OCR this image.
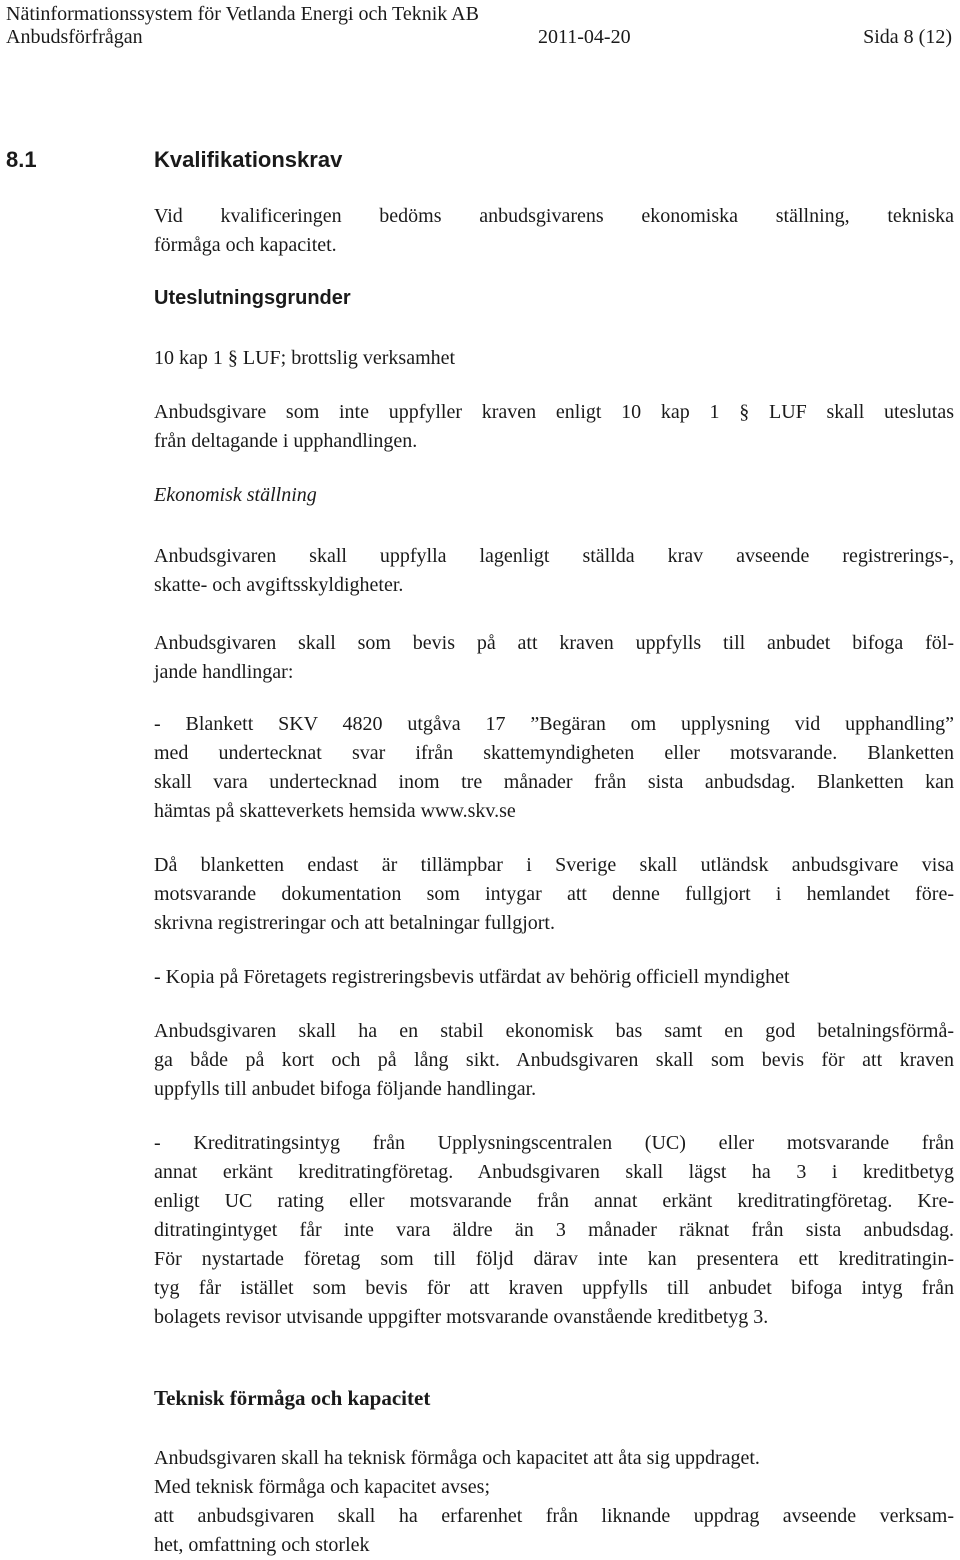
Nätinformationssystem för Vetlanda Energi och Teknik AB
Anbudsförfrågan	2011-04-20	Sida 8 (12)
8.1	Kvalifikationskrav
Vid kvalificeringen bedöms anbudsgivarens ekonomiska ställning, tekniska
förmåga och kapacitet.
Uteslutningsgrunder
10 kap 1 § LUF; brottslig verksamhet
Anbudsgivare som inte uppfyller kraven enligt 10 kap 1 § LUF skall uteslutas
från deltagande i upphandlingen.
Ekonomisk ställning
Anbudsgivaren skall uppfylla lagenligt ställda krav avseende registrerings-,
skatte- och avgiftsskyldigheter.
Anbudsgivaren skall som bevis på att kraven uppfylls till anbudet bifoga föl-
jande handlingar:
- Blankett SKV 4820 utgåva 17 ”Begäran om upplysning vid upphandling”
med undertecknat svar ifrån skattemyndigheten eller motsvarande. Blanketten
skall vara undertecknad inom tre månader från sista anbudsdag. Blanketten kan
hämtas på skatteverkets hemsida www.skv.se
Då blanketten endast är tillämpbar i Sverige skall utländsk anbudsgivare visa
motsvarande dokumentation som intygar att denne fullgjort i hemlandet före-
skrivna registreringar och att betalningar fullgjort.
- Kopia på Företagets registreringsbevis utfärdat av behörig officiell myndighet
Anbudsgivaren skall ha en stabil ekonomisk bas samt en god betalningsförmå-
ga både på kort och på lång sikt. Anbudsgivaren skall som bevis för att kraven
uppfylls till anbudet bifoga följande handlingar.
- Kreditratingsintyg från Upplysningscentralen (UC) eller motsvarande från
annat erkänt kreditratingföretag. Anbudsgivaren skall lägst ha 3 i kreditbetyg
enligt UC rating eller motsvarande från annat erkänt kreditratingföretag. Kre-
ditratingintyget får inte vara äldre än 3 månader räknat från sista anbudsdag.
För nystartade företag som till följd därav inte kan presentera ett kreditratingin-
tyg får istället som bevis för att kraven uppfylls till anbudet bifoga intyg från
bolagets revisor utvisande uppgifter motsvarande ovanstående kreditbetyg 3.
Teknisk förmåga och kapacitet
Anbudsgivaren skall ha teknisk förmåga och kapacitet att åta sig uppdraget.
Med teknisk förmåga och kapacitet avses;
att anbudsgivaren skall ha erfarenhet från liknande uppdrag avseende verksam-
het, omfattning och storlek
